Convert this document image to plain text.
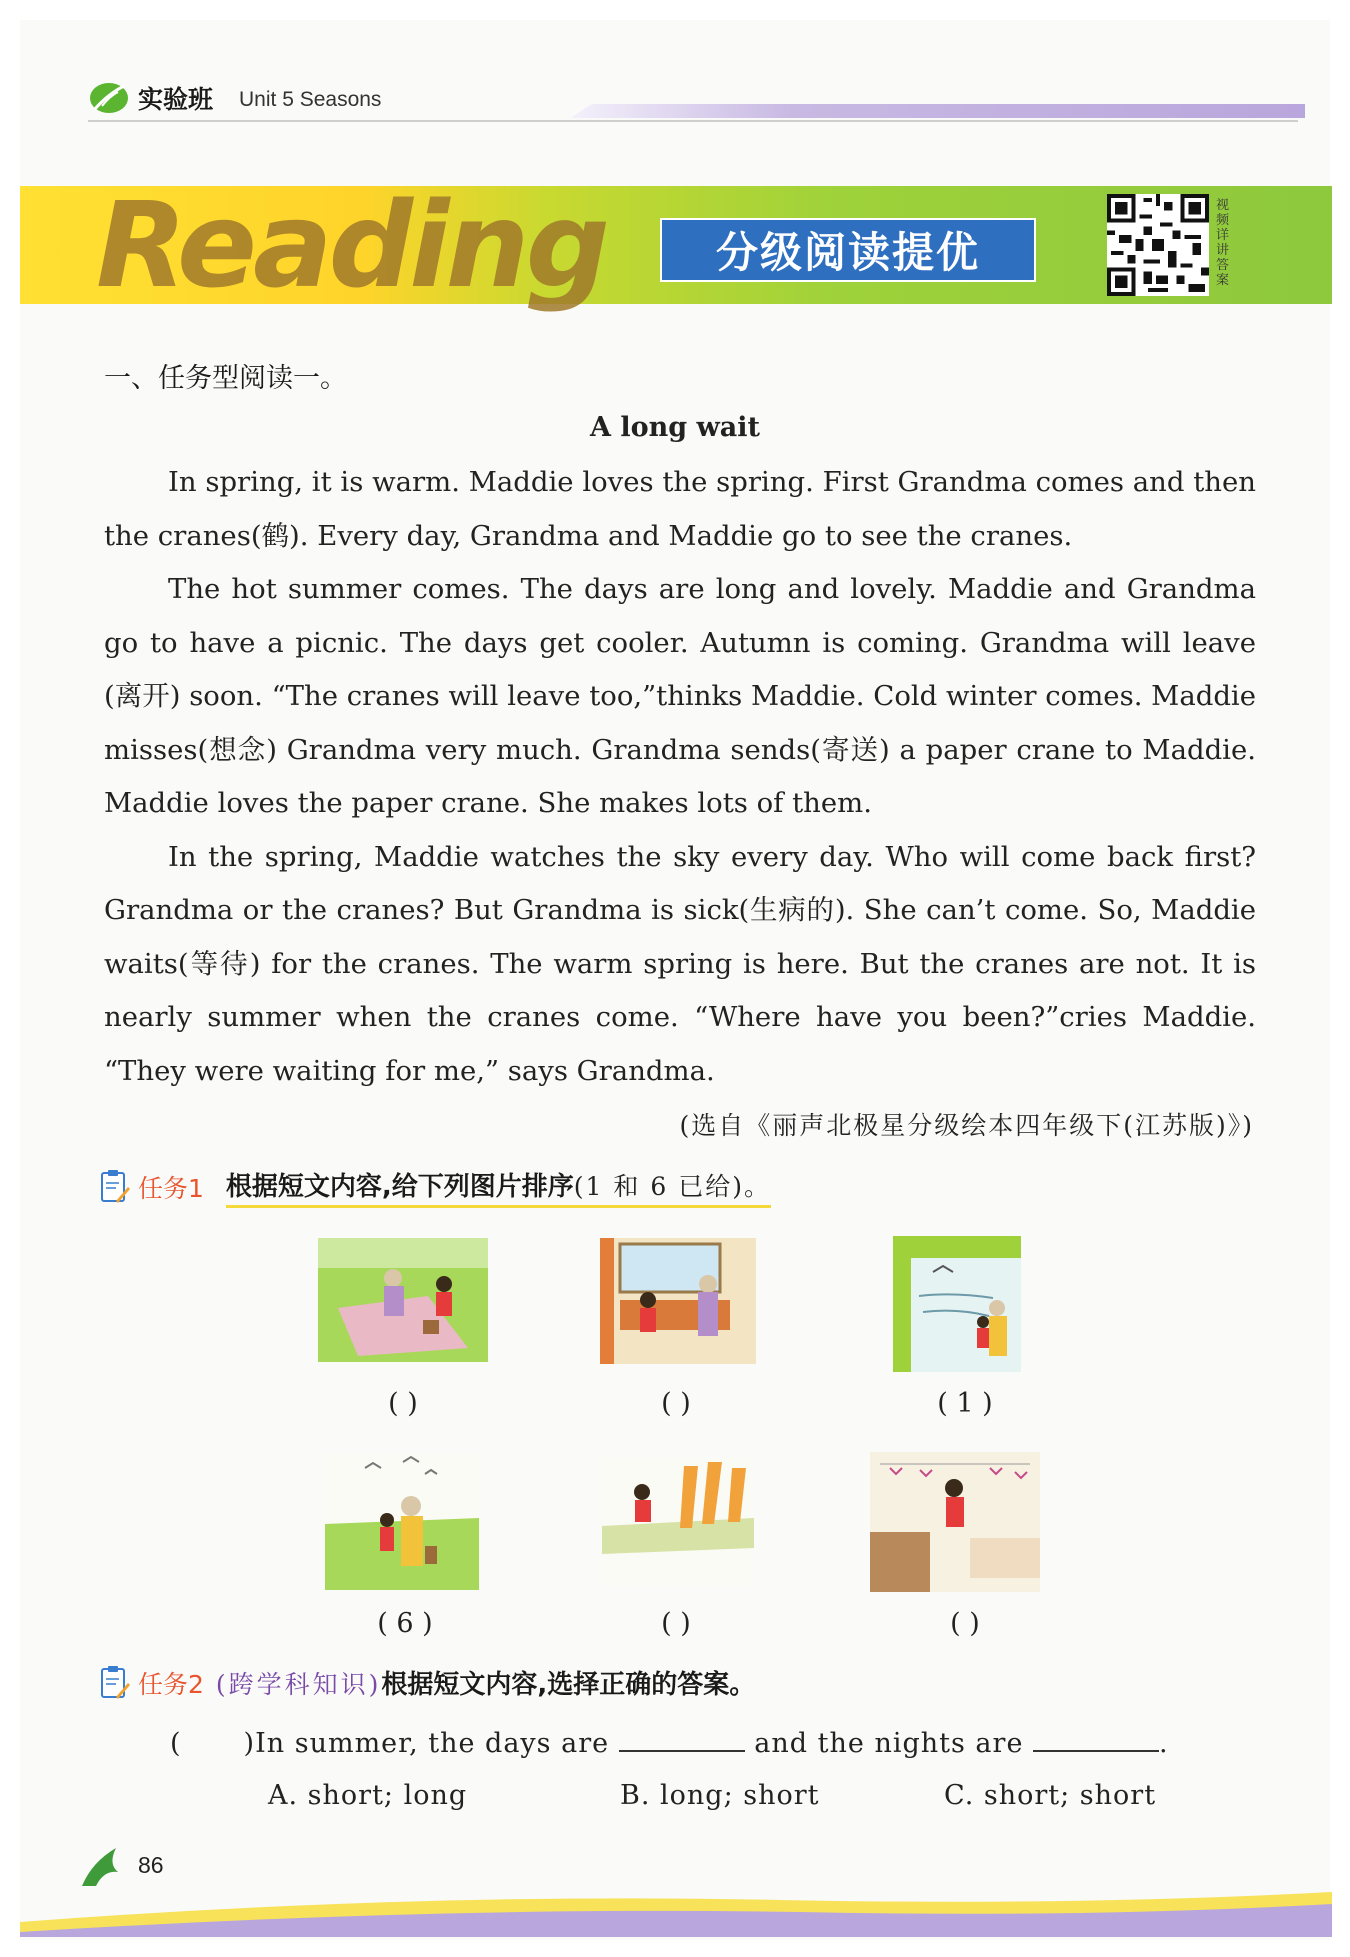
实验班 Unit 5 Seasons
Reading	分级阅读提优
视频详讲答案
一、任务型阅读一。
A long wait

In spring, it is warm. Maddie loves the spring. First Grandma comes and then the cranes(鹤). Every day, Grandma and Maddie go to see the cranes.

The hot summer comes. The days are long and lovely. Maddie and Grandma go to have a picnic. The days get cooler. Autumn is coming. Grandma will leave (离开) soon. “The cranes will leave too,”thinks Maddie. Cold winter comes. Maddie misses(想念) Grandma very much. Grandma sends(寄送) a paper crane to Maddie. Maddie loves the paper crane. She makes lots of them.

In the spring, Maddie watches the sky every day. Who will come back first? Grandma or the cranes? But Grandma is sick(生病的). She can’t come. So, Maddie waits(等待) for the cranes. The warm spring is here. But the cranes are not. It is nearly summer when the cranes come. “Where have you been?”cries Maddie. “They were waiting for me,” says Grandma.

(选自《丽声北极星分级绘本四年级下(江苏版)》)
任务1 根据短文内容,给下列图片排序(1 和 6 已给)。
( )	( )	( 1 )
( 6 )	( )	( )
任务2 (跨学科知识) 根据短文内容,选择正确的答案 。
( )In summer, the days are	and the nights are	.
A. short; long	B. long; short	C. short; short
86
